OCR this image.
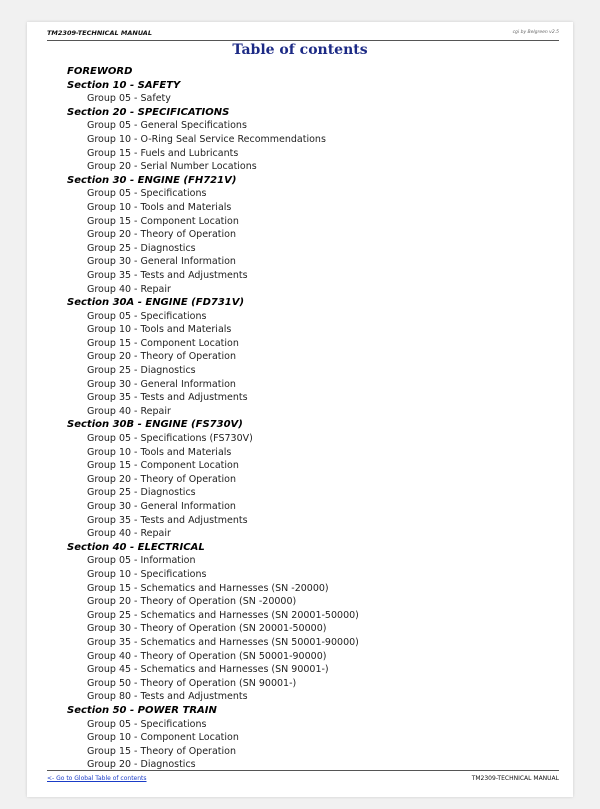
TM2309-TECHNICAL MANUAL	cgi by Belgreen v2.5
Table of contents
FOREWORD
Section 10 - SAFETY
Group 05 - Safety
Section 20 - SPECIFICATIONS
Group 05 - General Specifications
Group 10 - O-Ring Seal Service Recommendations
Group 15 - Fuels and Lubricants
Group 20 - Serial Number Locations
Section 30 - ENGINE (FH721V)
Group 05 - Specifications
Group 10 - Tools and Materials
Group 15 - Component Location
Group 20 - Theory of Operation
Group 25 - Diagnostics
Group 30 - General Information
Group 35 - Tests and Adjustments
Group 40 - Repair
Section 30A - ENGINE (FD731V)
Group 05 - Specifications
Group 10 - Tools and Materials
Group 15 - Component Location
Group 20 - Theory of Operation
Group 25 - Diagnostics
Group 30 - General Information
Group 35 - Tests and Adjustments
Group 40 - Repair
Section 30B - ENGINE (FS730V)
Group 05 - Specifications (FS730V)
Group 10 - Tools and Materials
Group 15 - Component Location
Group 20 - Theory of Operation
Group 25 - Diagnostics
Group 30 - General Information
Group 35 - Tests and Adjustments
Group 40 - Repair
Section 40 - ELECTRICAL
Group 05 - Information
Group 10 - Specifications
Group 15 - Schematics and Harnesses (SN -20000)
Group 20 - Theory of Operation (SN -20000)
Group 25 - Schematics and Harnesses (SN 20001-50000)
Group 30 - Theory of Operation (SN 20001-50000)
Group 35 - Schematics and Harnesses (SN 50001-90000)
Group 40 - Theory of Operation (SN 50001-90000)
Group 45 - Schematics and Harnesses (SN 90001-)
Group 50 - Theory of Operation (SN 90001-)
Group 80 - Tests and Adjustments
Section 50 - POWER TRAIN
Group 05 - Specifications
Group 10 - Component Location
Group 15 - Theory of Operation
Group 20 - Diagnostics
<- Go to Global Table of contents	TM2309-TECHNICAL MANUAL
